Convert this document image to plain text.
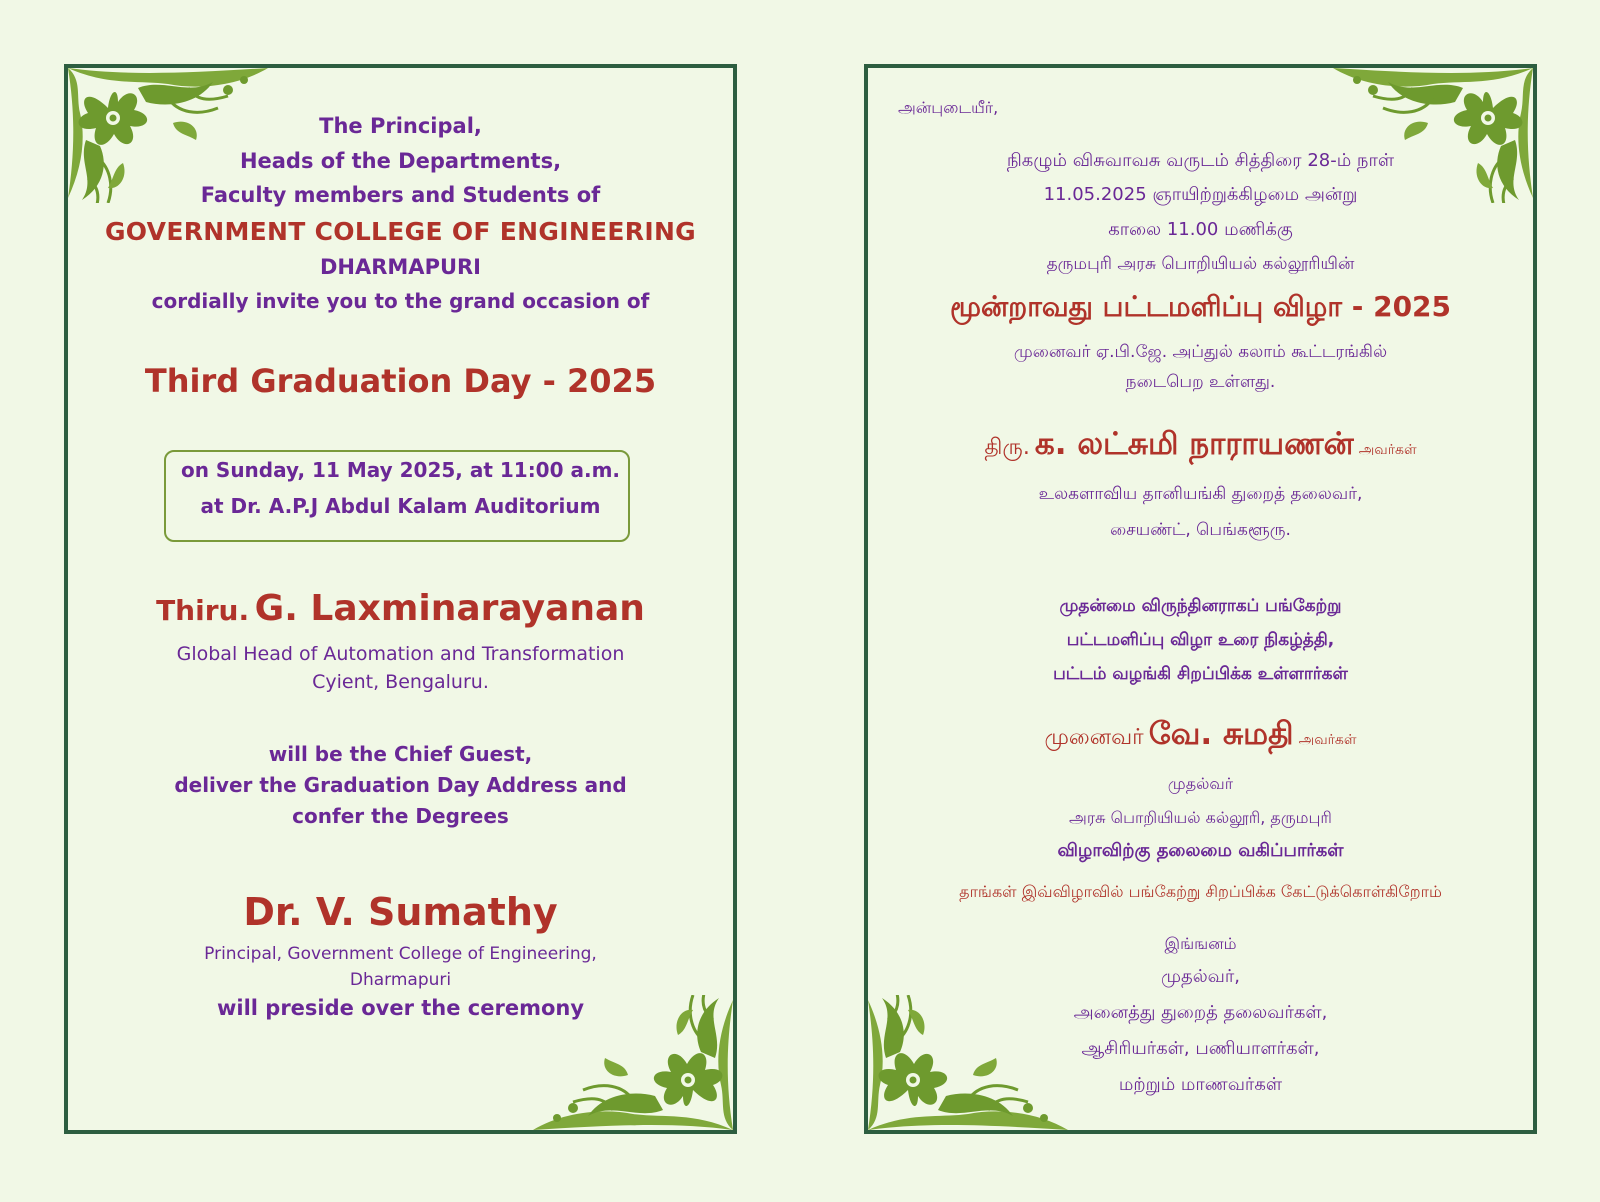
The Principal,
Heads of the Departments,
Faculty members and Students of
GOVERNMENT COLLEGE OF ENGINEERING
DHARMAPURI
cordially invite you to the grand occasion of
Third Graduation Day - 2025
on Sunday, 11 May 2025, at 11:00 a.m.
at Dr. A.P.J Abdul Kalam Auditorium
Thiru. G. Laxminarayanan
Global Head of Automation and Transformation
Cyient, Bengaluru.
will be the Chief Guest,
deliver the Graduation Day Address and
confer the Degrees
Dr. V. Sumathy
Principal, Government College of Engineering,
Dharmapuri
will preside over the ceremony
அன்புடையீர்,
நிகழும் விசுவாவசு வருடம் சித்திரை 28-ம் நாள்
11.05.2025 ஞாயிற்றுக்கிழமை அன்று
காலை 11.00 மணிக்கு
தருமபுரி அரசு பொறியியல் கல்லூரியின்
மூன்றாவது பட்டமளிப்பு விழா - 2025
முனைவர் ஏ.பி.ஜே. அப்துல் கலாம் கூட்டரங்கில்
நடைபெற உள்ளது.
திரு. க. லட்சுமி நாராயணன் அவர்கள்
உலகளாவிய தானியங்கி துறைத் தலைவர்,
சையண்ட், பெங்களூரு.
முதன்மை விருந்தினராகப் பங்கேற்று
பட்டமளிப்பு விழா உரை நிகழ்த்தி,
பட்டம் வழங்கி சிறப்பிக்க உள்ளார்கள்
முனைவர் வே. சுமதி அவர்கள்
முதல்வர்
அரசு பொறியியல் கல்லூரி, தருமபுரி
விழாவிற்கு தலைமை வகிப்பார்கள்
தாங்கள் இவ்விழாவில் பங்கேற்று சிறப்பிக்க கேட்டுக்கொள்கிறோம்
இங்ஙனம்
முதல்வர்,
அனைத்து துறைத் தலைவர்கள்,
ஆசிரியர்கள், பணியாளர்கள்,
மற்றும் மாணவர்கள்
